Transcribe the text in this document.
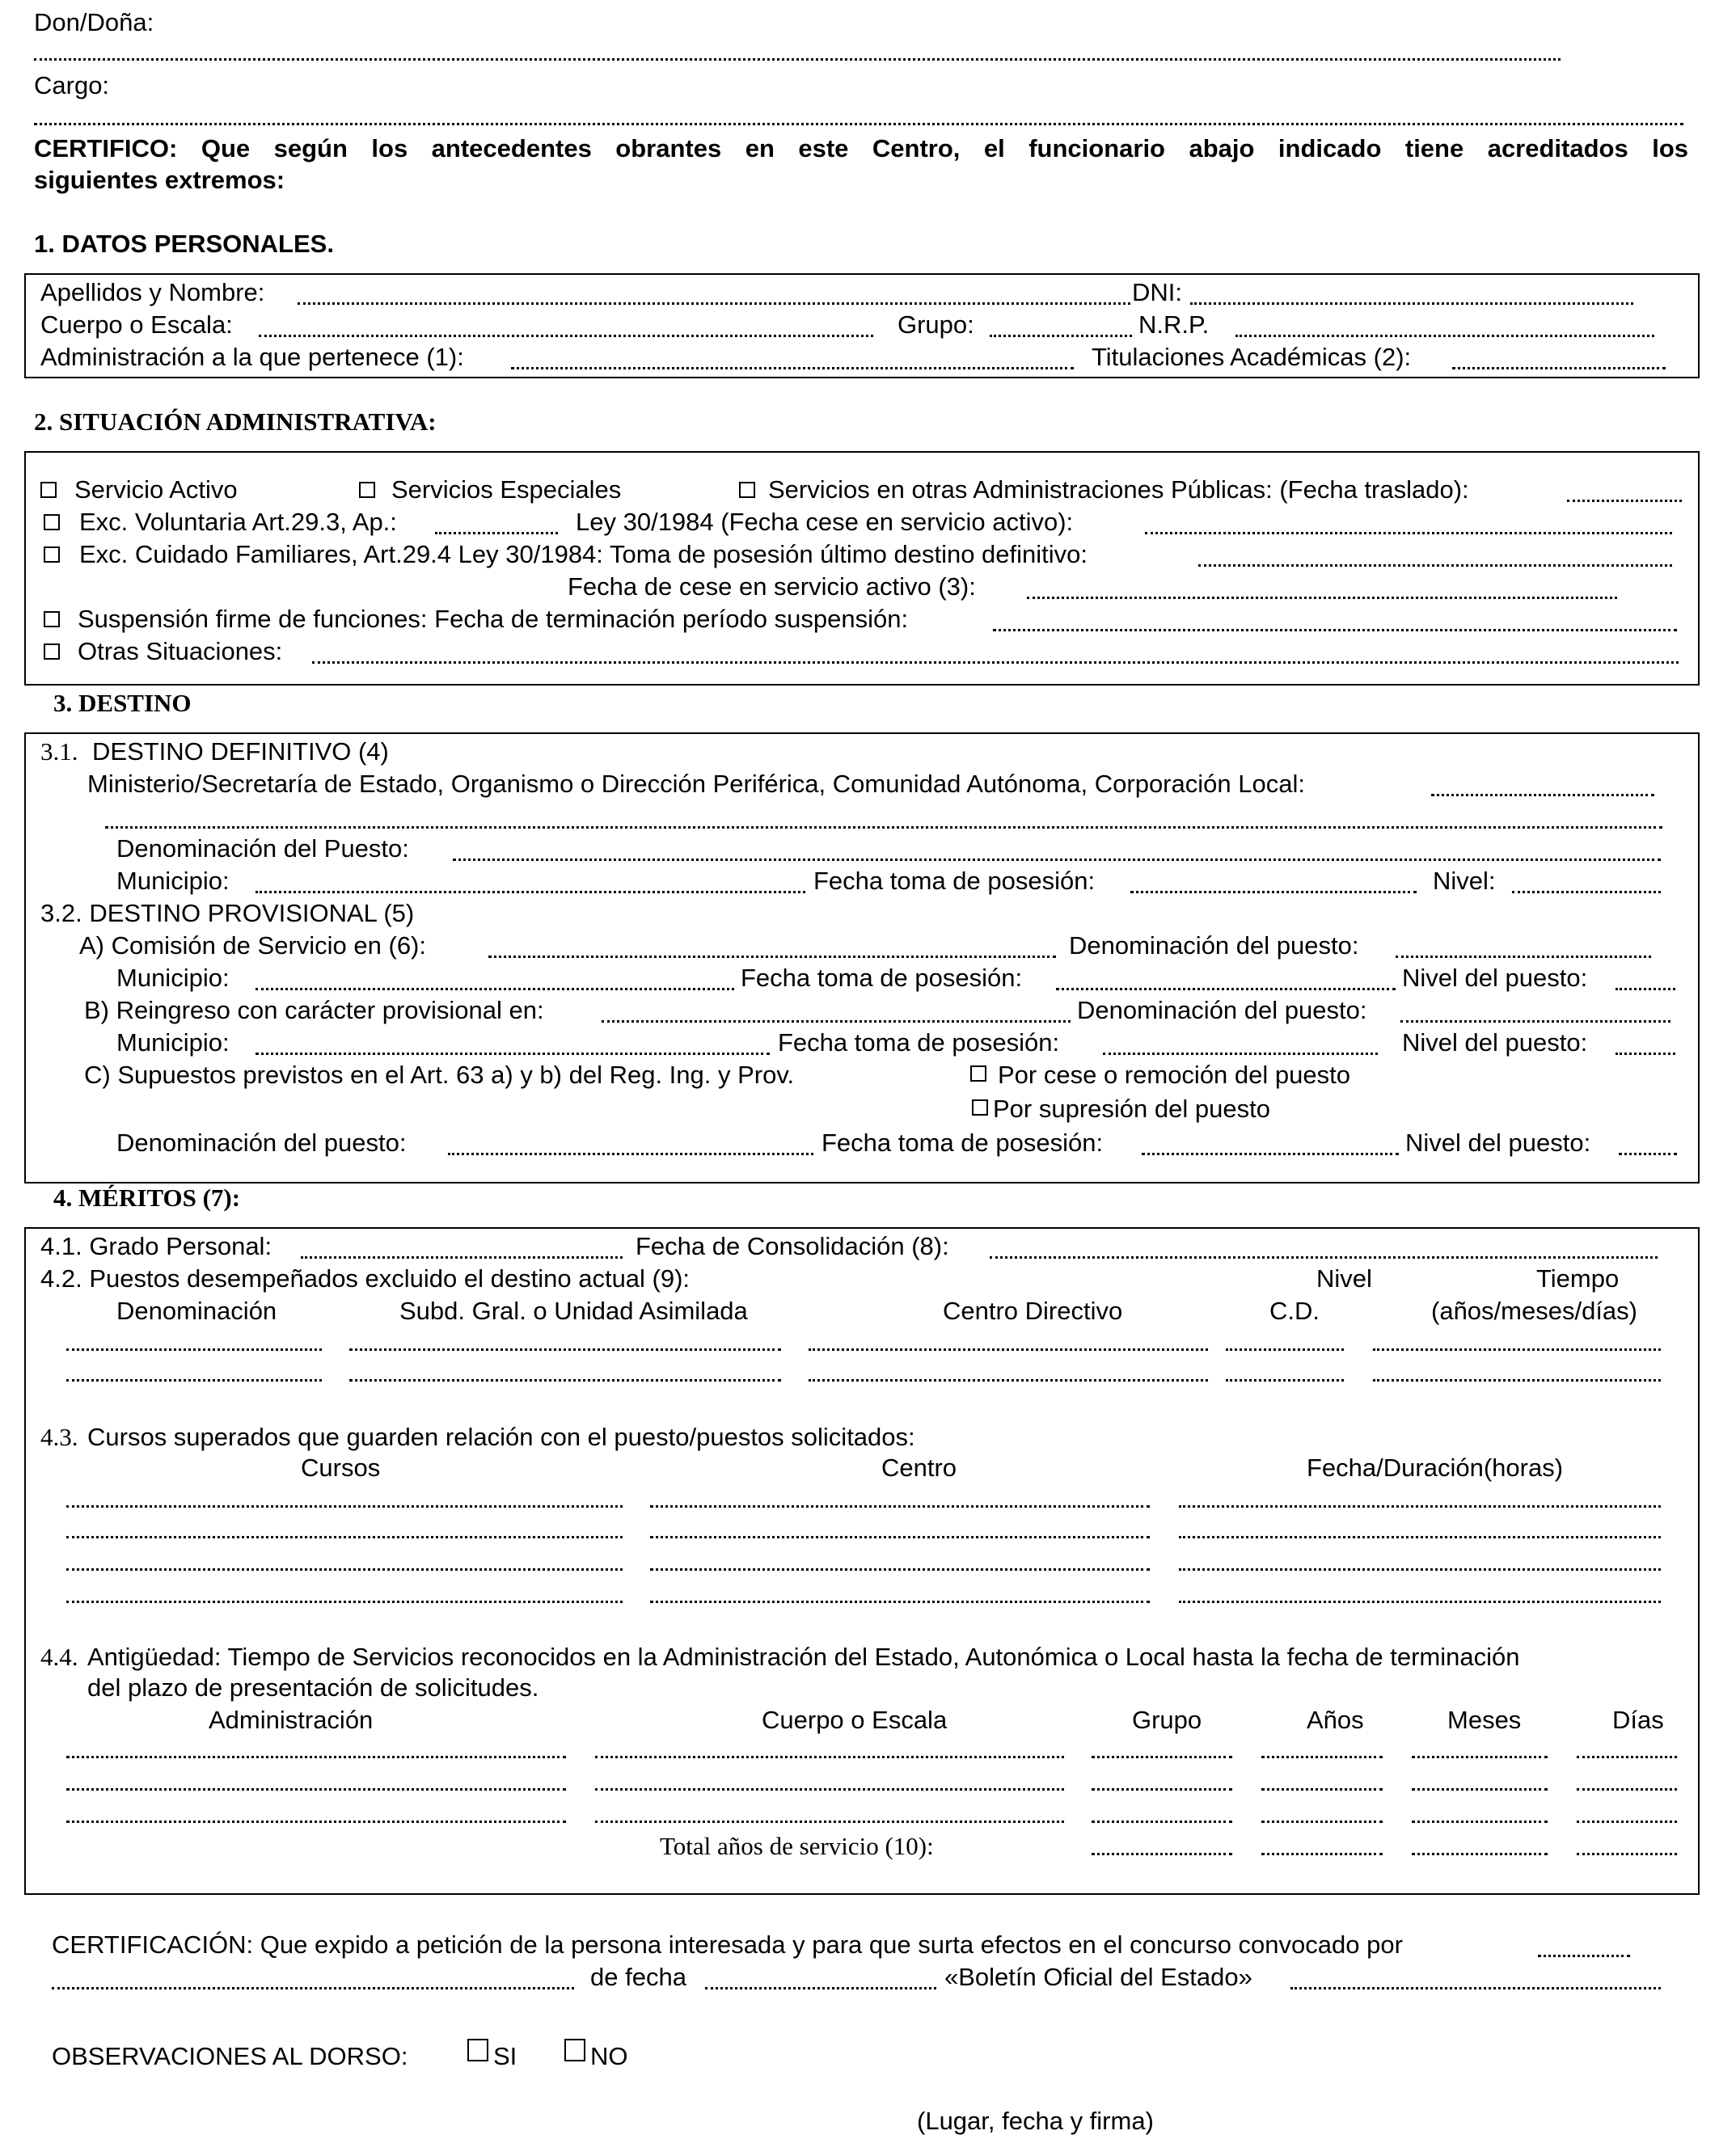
Don/Doña:
Cargo:
CERTIFICO: Que según los antecedentes obrantes en este Centro, el funcionario abajo indicado tiene acreditados los
siguientes extremos:
1. DATOS PERSONALES.
Apellidos y Nombre:	DNI:
Cuerpo o Escala:	Grupo:	N.R.P.
Administración a la que pertenece (1):	Titulaciones Académicas (2):
2. SITUACIÓN ADMINISTRATIVA:
Servicio Activo	Servicios Especiales	Servicios en otras Administraciones Públicas: (Fecha traslado):
Exc. Voluntaria Art.29.3, Ap.:	Ley 30/1984 (Fecha cese en servicio activo):
Exc. Cuidado Familiares, Art.29.4 Ley 30/1984: Toma de posesión último destino definitivo:
Fecha de cese en servicio activo (3):
Suspensión firme de funciones: Fecha de terminación período suspensión:
Otras Situaciones:
3. DESTINO
3.1. DESTINO DEFINITIVO (4)
Ministerio/Secretaría de Estado, Organismo o Dirección Periférica, Comunidad Autónoma, Corporación Local:
Denominación del Puesto:
Municipio:	Fecha toma de posesión:	Nivel:
3.2. DESTINO PROVISIONAL (5)
A) Comisión de Servicio en (6):	Denominación del puesto:
Municipio:	Fecha toma de posesión:	Nivel del puesto:
B) Reingreso con carácter provisional en:	Denominación del puesto:
Municipio:	Fecha toma de posesión:	Nivel del puesto:
C) Supuestos previstos en el Art. 63 a) y b) del Reg. Ing. y Prov.	Por cese o remoción del puesto
Por supresión del puesto
Denominación del puesto:	Fecha toma de posesión:	Nivel del puesto:
4. MÉRITOS (7):
4.1. Grado Personal:	Fecha de Consolidación (8):
4.2. Puestos desempeñados excluido el destino actual (9):	Nivel	Tiempo
Denominación	Subd. Gral. o Unidad Asimilada	Centro Directivo	C.D.	(años/meses/días)
4.3. Cursos superados que guarden relación con el puesto/puestos solicitados:
Cursos	Centro	Fecha/Duración(horas)
4.4. Antigüedad: Tiempo de Servicios reconocidos en la Administración del Estado, Autonómica o Local hasta la fecha de terminación
del plazo de presentación de solicitudes.
Administración	Cuerpo o Escala	Grupo	Años	Meses	Días
Total años de servicio (10):
CERTIFICACIÓN: Que expido a petición de la persona interesada y para que surta efectos en el concurso convocado por
de fecha	«Boletín Oficial del Estado»
OBSERVACIONES AL DORSO:	SI	NO
(Lugar, fecha y firma)
